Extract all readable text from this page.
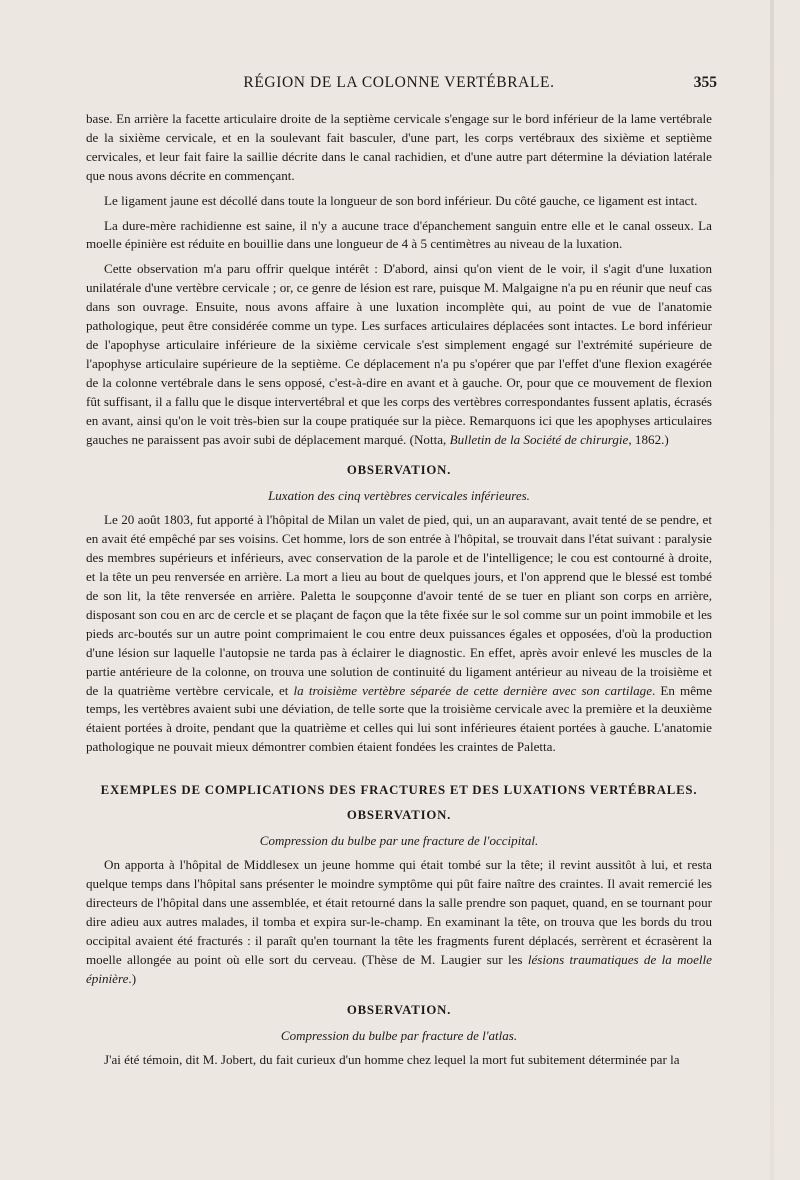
RÉGION DE LA COLONNE VERTÉBRALE.	355

base. En arrière la facette articulaire droite de la septième cervicale s'engage sur le bord inférieur de la lame vertébrale de la sixième cervicale, et en la soulevant fait basculer, d'une part, les corps vertébraux des sixième et septième cervicales, et leur fait faire la saillie décrite dans le canal rachidien, et d'une autre part détermine la déviation latérale que nous avons décrite en commençant.

Le ligament jaune est décollé dans toute la longueur de son bord inférieur. Du côté gauche, ce ligament est intact.

La dure-mère rachidienne est saine, il n'y a aucune trace d'épanchement sanguin entre elle et le canal osseux. La moelle épinière est réduite en bouillie dans une longueur de 4 à 5 centimètres au niveau de la luxation.

Cette observation m'a paru offrir quelque intérêt : D'abord, ainsi qu'on vient de le voir, il s'agit d'une luxation unilatérale d'une vertèbre cervicale ; or, ce genre de lésion est rare, puisque M. Malgaigne n'a pu en réunir que neuf cas dans son ouvrage. Ensuite, nous avons affaire à une luxation incomplète qui, au point de vue de l'anatomie pathologique, peut être considérée comme un type. Les surfaces articulaires déplacées sont intactes. Le bord inférieur de l'apophyse articulaire inférieure de la sixième cervicale s'est simplement engagé sur l'extrémité supérieure de l'apophyse articulaire supérieure de la septième. Ce déplacement n'a pu s'opérer que par l'effet d'une flexion exagérée de la colonne vertébrale dans le sens opposé, c'est-à-dire en avant et à gauche. Or, pour que ce mouvement de flexion fût suffisant, il a fallu que le disque intervertébral et que les corps des vertèbres correspondantes fussent aplatis, écrasés en avant, ainsi qu'on le voit très-bien sur la coupe pratiquée sur la pièce. Remarquons ici que les apophyses articulaires gauches ne paraissent pas avoir subi de déplacement marqué. (Notta, Bulletin de la Société de chirurgie, 1862.)

OBSERVATION.

Luxation des cinq vertèbres cervicales inférieures.

Le 20 août 1803, fut apporté à l'hôpital de Milan un valet de pied, qui, un an auparavant, avait tenté de se pendre, et en avait été empêché par ses voisins. Cet homme, lors de son entrée à l'hôpital, se trouvait dans l'état suivant : paralysie des membres supérieurs et inférieurs, avec conservation de la parole et de l'intelligence; le cou est contourné à droite, et la tête un peu renversée en arrière. La mort a lieu au bout de quelques jours, et l'on apprend que le blessé est tombé de son lit, la tête renversée en arrière. Paletta le soupçonne d'avoir tenté de se tuer en pliant son corps en arrière, disposant son cou en arc de cercle et se plaçant de façon que la tête fixée sur le sol comme sur un point immobile et les pieds arc-boutés sur un autre point comprimaient le cou entre deux puissances égales et opposées, d'où la production d'une lésion sur laquelle l'autopsie ne tarda pas à éclairer le diagnostic. En effet, après avoir enlevé les muscles de la partie antérieure de la colonne, on trouva une solution de continuité du ligament antérieur au niveau de la troisième et de la quatrième vertèbre cervicale, et la troisième vertèbre séparée de cette dernière avec son cartilage. En même temps, les vertèbres avaient subi une déviation, de telle sorte que la troisième cervicale avec la première et la deuxième étaient portées à droite, pendant que la quatrième et celles qui lui sont inférieures étaient portées à gauche. L'anatomie pathologique ne pouvait mieux démontrer combien étaient fondées les craintes de Paletta.

EXEMPLES DE COMPLICATIONS DES FRACTURES ET DES LUXATIONS VERTÉBRALES.

OBSERVATION.

Compression du bulbe par une fracture de l'occipital.

On apporta à l'hôpital de Middlesex un jeune homme qui était tombé sur la tête; il revint aussitôt à lui, et resta quelque temps dans l'hôpital sans présenter le moindre symptôme qui pût faire naître des craintes. Il avait remercié les directeurs de l'hôpital dans une assemblée, et était retourné dans la salle prendre son paquet, quand, en se tournant pour dire adieu aux autres malades, il tomba et expira sur-le-champ. En examinant la tête, on trouva que les bords du trou occipital avaient été fracturés : il paraît qu'en tournant la tête les fragments furent déplacés, serrèrent et écrasèrent la moelle allongée au point où elle sort du cerveau. (Thèse de M. Laugier sur les lésions traumatiques de la moelle épinière.)

OBSERVATION.

Compression du bulbe par fracture de l'atlas.

J'ai été témoin, dit M. Jobert, du fait curieux d'un homme chez lequel la mort fut subitement déterminée par la
